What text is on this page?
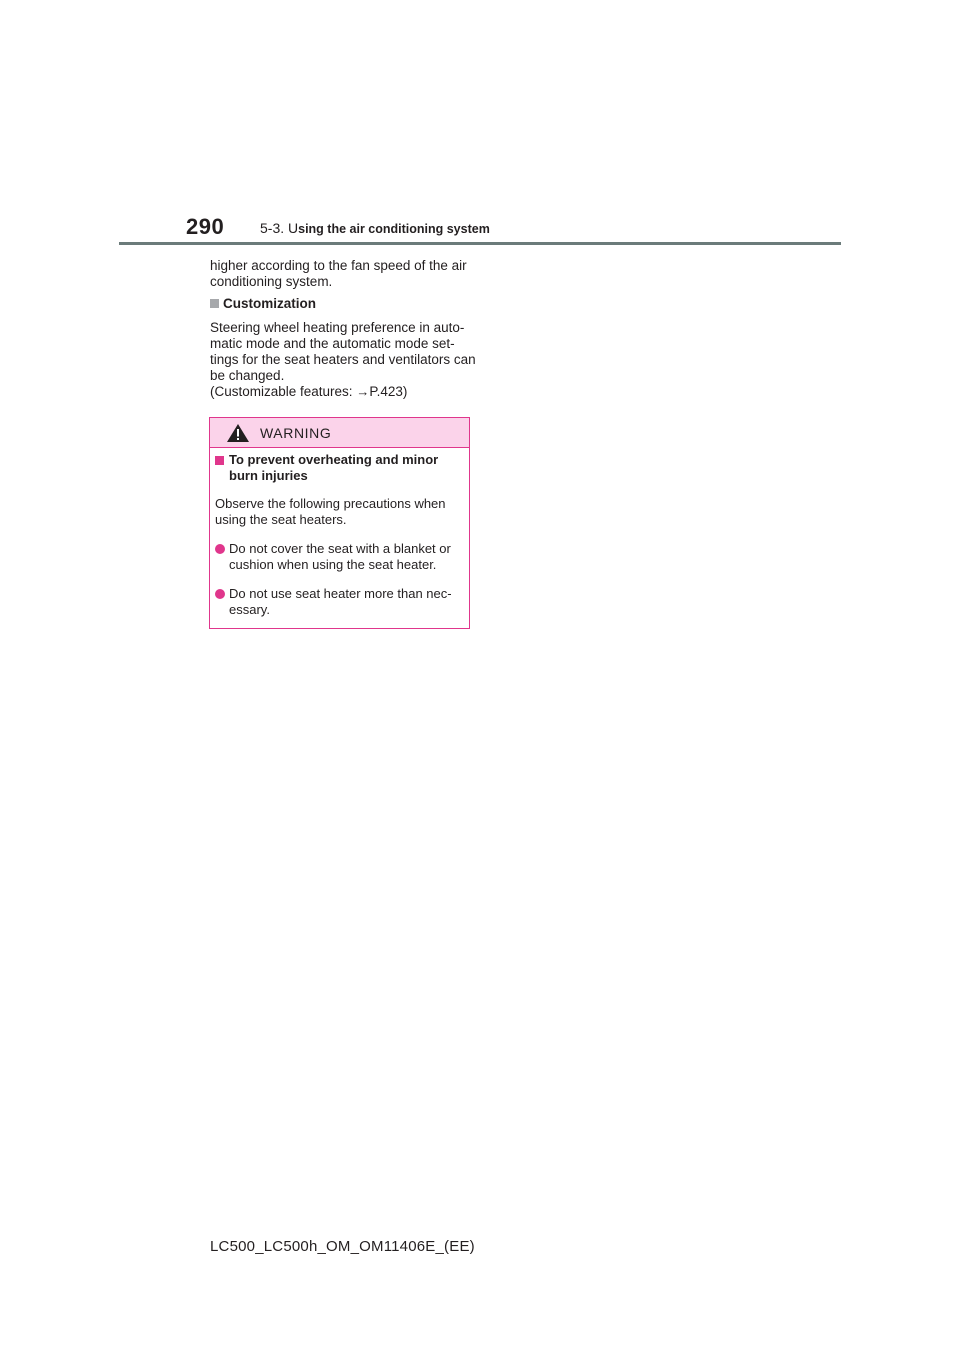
290	5-3. Using the air conditioning system
higher according to the fan speed of the air conditioning system.
Customization
Steering wheel heating preference in auto-
matic mode and the automatic mode set-
tings for the seat heaters and ventilators can
be changed.
(Customizable features: →P.423)
WARNING
To prevent overheating and minor burn injuries
Observe the following precautions when using the seat heaters.
Do not cover the seat with a blanket or cushion when using the seat heater.
Do not use seat heater more than nec- essary.
LC500_LC500h_OM_OM11406E_(EE)
